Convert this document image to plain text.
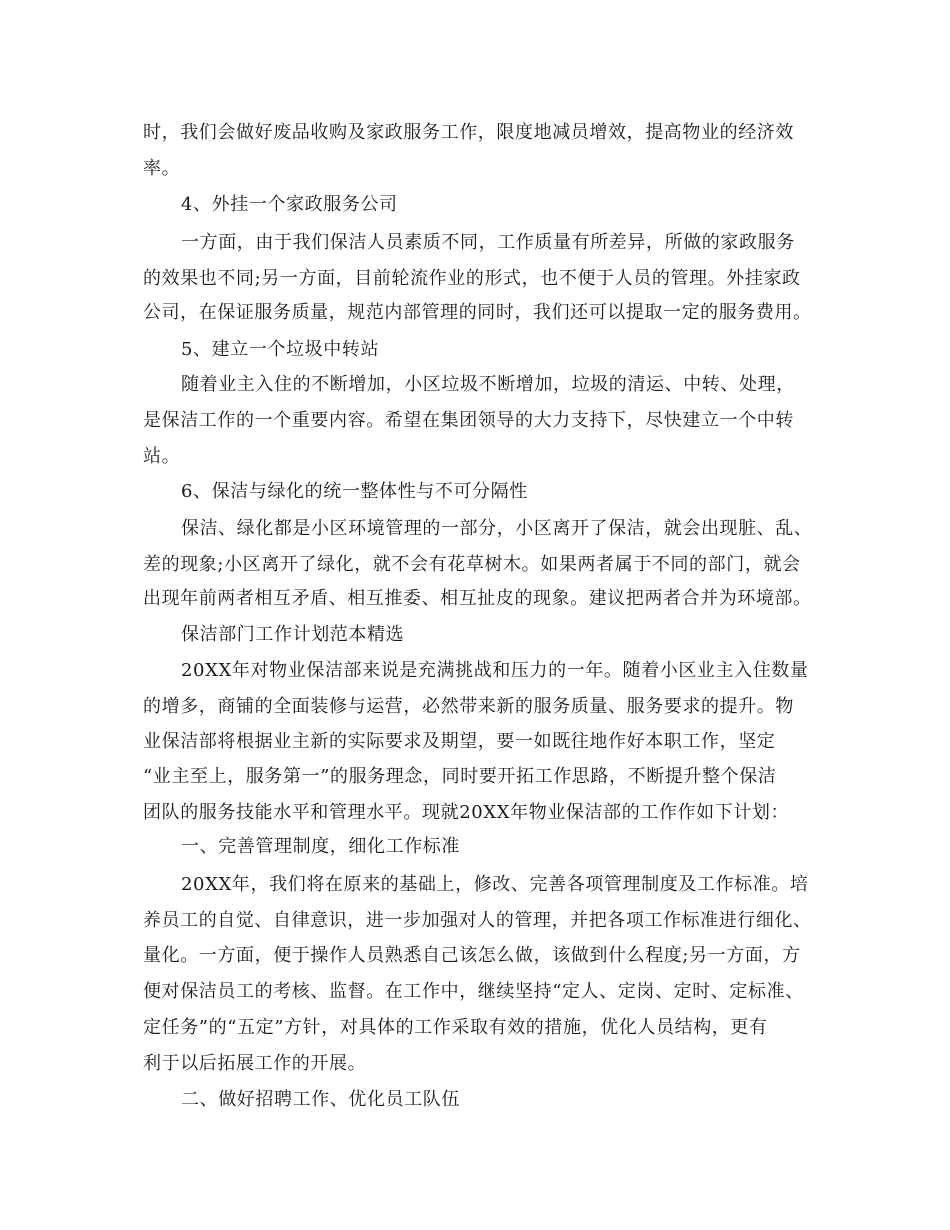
时，我们会做好废品收购及家政服务工作，限度地减员增效，提高物业的经济效

率。

4、外挂一个家政服务公司

一方面，由于我们保洁人员素质不同，工作质量有所差异，所做的家政服务

的效果也不同;另一方面，目前轮流作业的形式，也不便于人员的管理。外挂家政

公司，在保证服务质量，规范内部管理的同时，我们还可以提取一定的服务费用。

5、建立一个垃圾中转站

随着业主入住的不断增加，小区垃圾不断增加，垃圾的清运、中转、处理，

是保洁工作的一个重要内容。希望在集团领导的大力支持下，尽快建立一个中转

站。

6、保洁与绿化的统一整体性与不可分隔性

保洁、绿化都是小区环境管理的一部分，小区离开了保洁，就会出现脏、乱、

差的现象;小区离开了绿化，就不会有花草树木。如果两者属于不同的部门，就会

出现年前两者相互矛盾、相互推委、相互扯皮的现象。建议把两者合并为环境部。

保洁部门工作计划范本精选

20XX年对物业保洁部来说是充满挑战和压力的一年。随着小区业主入住数量

的增多，商铺的全面装修与运营，必然带来新的服务质量、服务要求的提升。物

业保洁部将根据业主新的实际要求及期望，要一如既往地作好本职工作，坚定

“业主至上，服务第一”的服务理念，同时要开拓工作思路，不断提升整个保洁

团队的服务技能水平和管理水平。现就20XX年物业保洁部的工作作如下计划：

一、完善管理制度，细化工作标准

20XX年，我们将在原来的基础上，修改、完善各项管理制度及工作标准。培

养员工的自觉、自律意识，进一步加强对人的管理，并把各项工作标准进行细化、

量化。一方面，便于操作人员熟悉自己该怎么做，该做到什么程度;另一方面，方

便对保洁员工的考核、监督。在工作中，继续坚持“定人、定岗、定时、定标准、

定任务”的“五定”方针，对具体的工作采取有效的措施，优化人员结构，更有

利于以后拓展工作的开展。

二、做好招聘工作、优化员工队伍
